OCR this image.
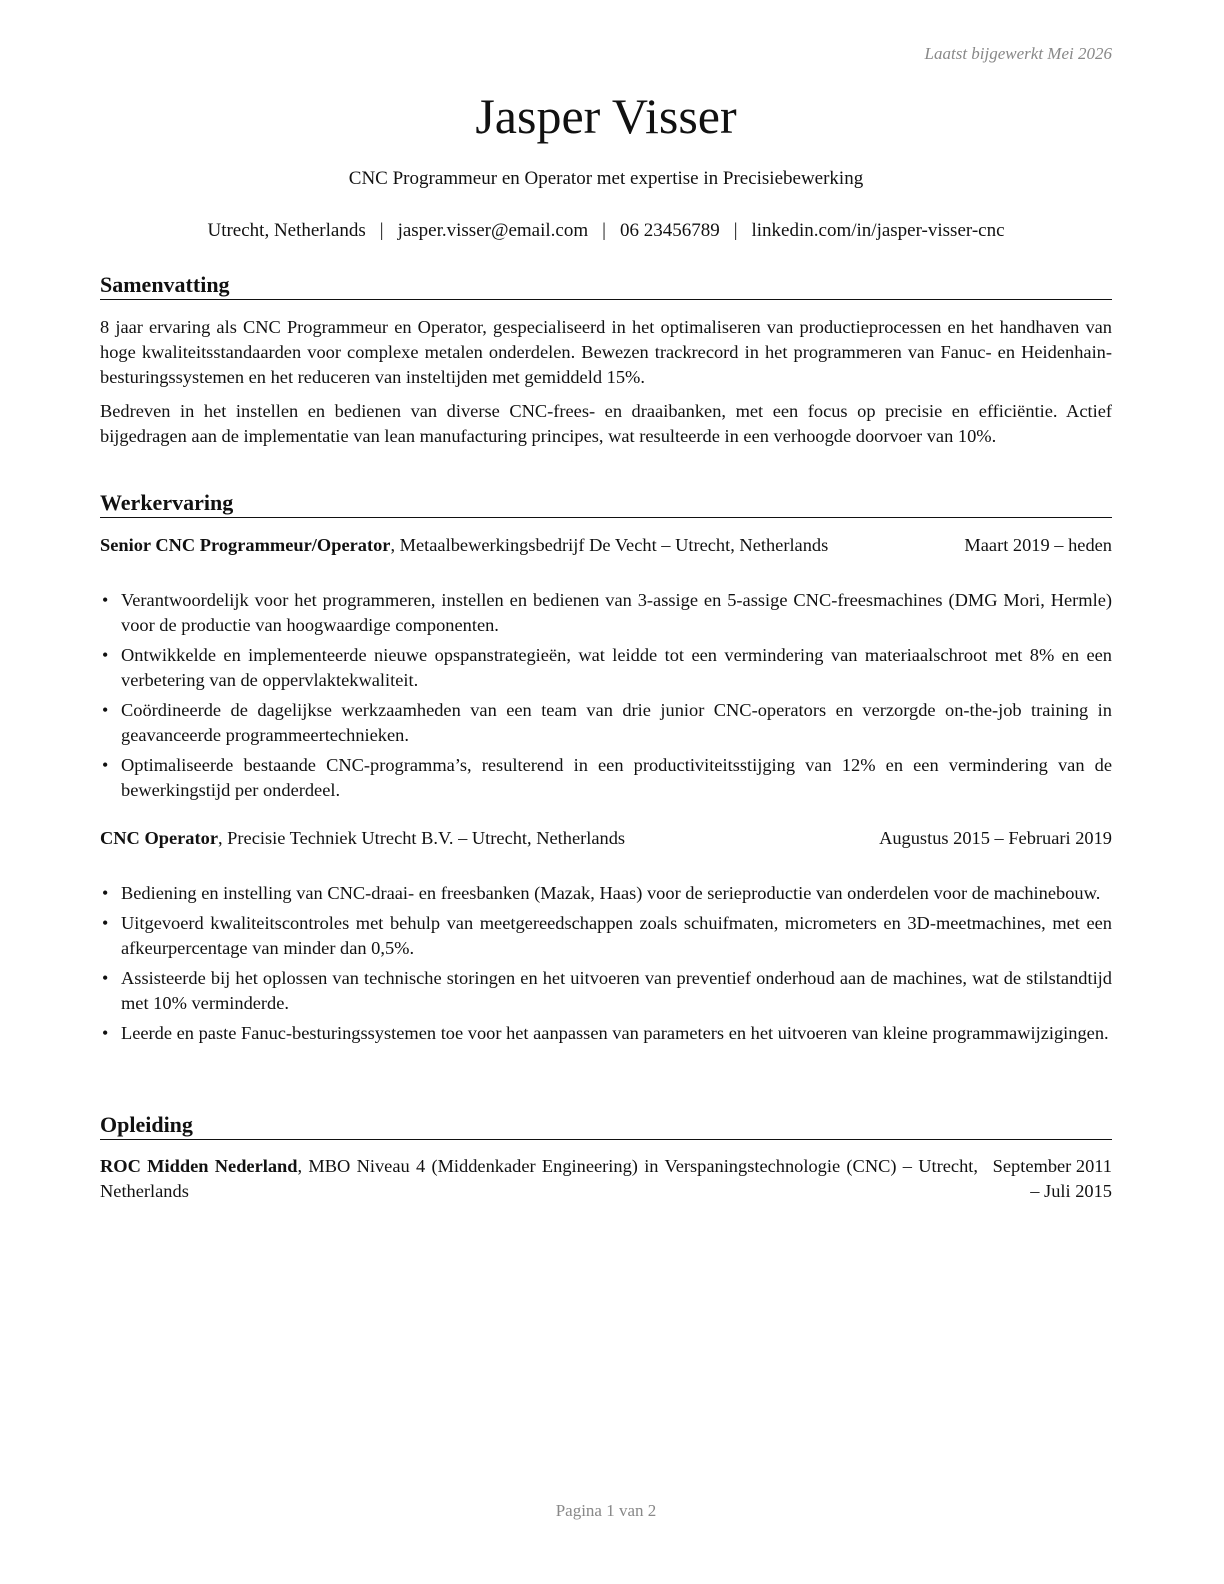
Laatst bijgewerkt Mei 2026
Jasper Visser
CNC Programmeur en Operator met expertise in Precisiebewerking
Utrecht, Netherlands | jasper.visser@email.com | 06 23456789 | linkedin.com/in/jasper-visser-cnc
Samenvatting
8 jaar ervaring als CNC Programmeur en Operator, gespecialiseerd in het optimaliseren van productieprocessen en het handhaven van hoge kwaliteitsstandaarden voor complexe metalen onderdelen. Bewezen trackrecord in het programmeren van Fanuc- en Heidenhain-besturingssystemen en het reduceren van insteltijden met gemiddeld 15%.
Bedreven in het instellen en bedienen van diverse CNC-frees- en draaibanken, met een focus op precisie en efficiëntie. Actief bijgedragen aan de implementatie van lean manufacturing principes, wat resulteerde in een verhoogde doorvoer van 10%.
Werkervaring
Senior CNC Programmeur/Operator, Metaalbewerkingsbedrijf De Vecht – Utrecht, Netherlands	Maart 2019 – heden
• Verantwoordelijk voor het programmeren, instellen en bedienen van 3-assige en 5-assige CNC-freesmachines (DMG Mori, Hermle) voor de productie van hoogwaardige componenten.
• Ontwikkelde en implementeerde nieuwe opspanstrategieën, wat leidde tot een vermindering van materiaalschroot met 8% en een verbetering van de oppervlaktekwaliteit.
• Coördineerde de dagelijkse werkzaamheden van een team van drie junior CNC-operators en verzorgde on-the-job training in geavanceerde programmeertechnieken.
• Optimaliseerde bestaande CNC-programma’s, resulterend in een productiviteitsstijging van 12% en een vermindering van de bewerkingstijd per onderdeel.
CNC Operator, Precisie Techniek Utrecht B.V. – Utrecht, Netherlands	Augustus 2015 – Februari 2019
• Bediening en instelling van CNC-draai- en freesbanken (Mazak, Haas) voor de serieproductie van onderdelen voor de machinebouw.
• Uitgevoerd kwaliteitscontroles met behulp van meetgereedschappen zoals schuifmaten, micrometers en 3D-meetmachines, met een afkeurpercentage van minder dan 0,5%.
• Assisteerde bij het oplossen van technische storingen en het uitvoeren van preventief onderhoud aan de machines, wat de stilstandtijd met 10% verminderde.
• Leerde en paste Fanuc-besturingssystemen toe voor het aanpassen van parameters en het uitvoeren van kleine programmawijzigingen.
Opleiding
ROC Midden Nederland, MBO Niveau 4 (Middenkader Engineering) in Verspaningstechnologie (CNC) – Utrecht, Netherlands
September 2011 – Juli 2015
Pagina 1 van 2
